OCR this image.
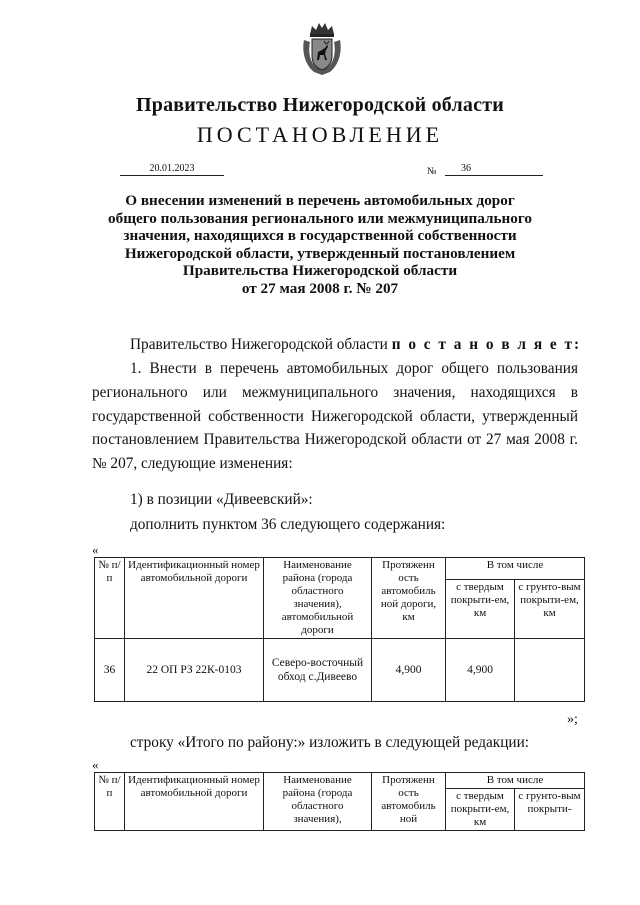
Правительство Нижегородской области
ПОСТАНОВЛЕНИЕ
20.01.2023	№	36
О внесении изменений в перечень автомобильных дорог
общего пользования регионального или межмуниципального
значения, находящихся в государственной собственности
Нижегородской области, утвержденный постановлением
Правительства Нижегородской области
от 27 мая 2008 г. № 207
Правительство Нижегородской области п о с т а н о в л я е т:
1. Внести в перечень автомобильных дорог общего пользования
регионального или межмуниципального значения, находящихся в
государственной собственности Нижегородской области, утвержденный
постановлением Правительства Нижегородской области от 27 мая 2008 г.
№ 207, следующие изменения:
1) в позиции «Дивеевский»:
дополнить пунктом 36 следующего содержания:
«
№ п/п	Идентификационный номер автомобильной дороги	Наименование района (города областного значения), автомобильной дороги	Протяженн ость автомобиль ной дороги, км	В том числе	
				с твердым покрыти-ем, км	с грунто-вым покрыти-ем, км
36	22 ОП РЗ 22К-0103	Северо-восточный обход с.Дивеево	4,900	4,900	
»;
строку «Итого по району:» изложить в следующей редакции:
«
№ п/п	Идентификационный номер автомобильной дороги	Наименование района (города областного значения),	Протяженн ость автомобиль ной	В том числе	
				с твердым покрыти-ем, км	с грунто-вым покрыти-
